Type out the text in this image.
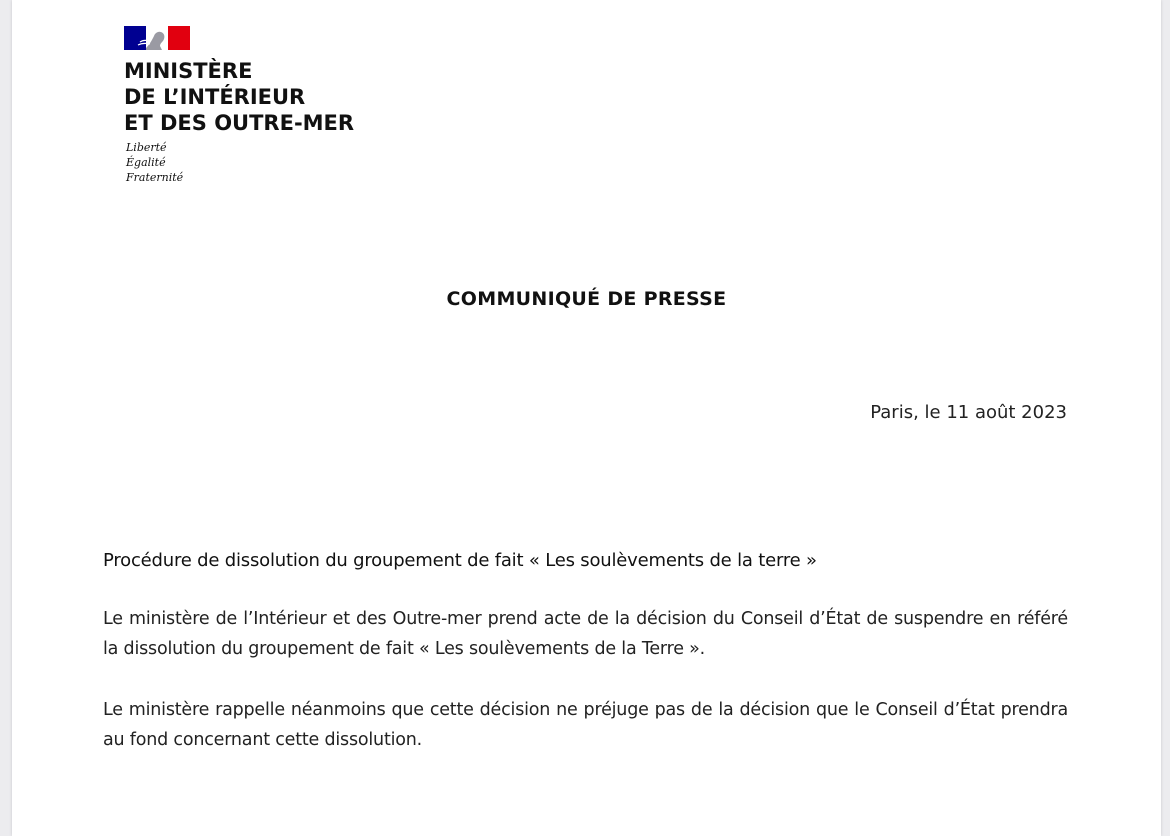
MINISTÈRE
DE L’INTÉRIEUR
ET DES OUTRE-MER
Liberté
Égalité
Fraternité
COMMUNIQUÉ DE PRESSE
Paris, le 11 août 2023
Procédure de dissolution du groupement de fait « Les soulèvements de la terre »
Le ministère de l’Intérieur et des Outre-mer prend acte de la décision du Conseil d’État de suspendre en référé la dissolution du groupement de fait « Les soulèvements de la Terre ».
Le ministère rappelle néanmoins que cette décision ne préjuge pas de la décision que le Conseil d’État prendra au fond concernant cette dissolution.
